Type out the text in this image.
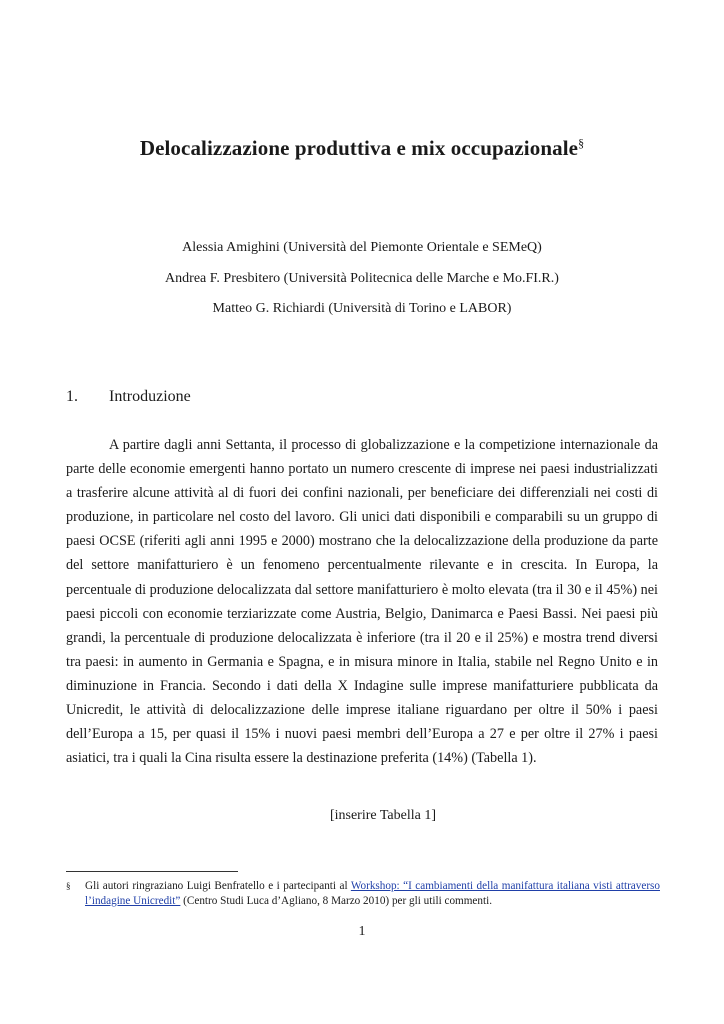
Delocalizzazione produttiva e mix occupazionale§
Alessia Amighini (Università del Piemonte Orientale e SEMeQ)
Andrea F. Presbitero (Università Politecnica delle Marche e Mo.FI.R.)
Matteo G. Richiardi (Università di Torino e LABOR)
1. Introduzione

A partire dagli anni Settanta, il processo di globalizzazione e la competizione internazionale da parte delle economie emergenti hanno portato un numero crescente di imprese nei paesi industrializzati a trasferire alcune attività al di fuori dei confini nazionali, per beneficiare dei differenziali nei costi di produzione, in particolare nel costo del lavoro. Gli unici dati disponibili e comparabili su un gruppo di paesi OCSE (riferiti agli anni 1995 e 2000) mostrano che la delocalizzazione della produzione da parte del settore manifatturiero è un fenomeno percentualmente rilevante e in crescita. In Europa, la percentuale di produzione delocalizzata dal settore manifatturiero è molto elevata (tra il 30 e il 45%) nei paesi piccoli con economie terziarizzate come Austria, Belgio, Danimarca e Paesi Bassi. Nei paesi più grandi, la percentuale di produzione delocalizzata è inferiore (tra il 20 e il 25%) e mostra trend diversi tra paesi: in aumento in Germania e Spagna, e in misura minore in Italia, stabile nel Regno Unito e in diminuzione in Francia. Secondo i dati della X Indagine sulle imprese manifatturiere pubblicata da Unicredit, le attività di delocalizzazione delle imprese italiane riguardano per oltre il 50% i paesi dell’Europa a 15, per quasi il 15% i nuovi paesi membri dell’Europa a 27 e per oltre il 27% i paesi asiatici, tra i quali la Cina risulta essere la destinazione preferita (14%) (Tabella 1).

[inserire Tabella 1]
§ Gli autori ringraziano Luigi Benfratello e i partecipanti al Workshop: “I cambiamenti della manifattura italiana visti attraverso l’indagine Unicredit” (Centro Studi Luca d’Agliano, 8 Marzo 2010) per gli utili commenti.
1
